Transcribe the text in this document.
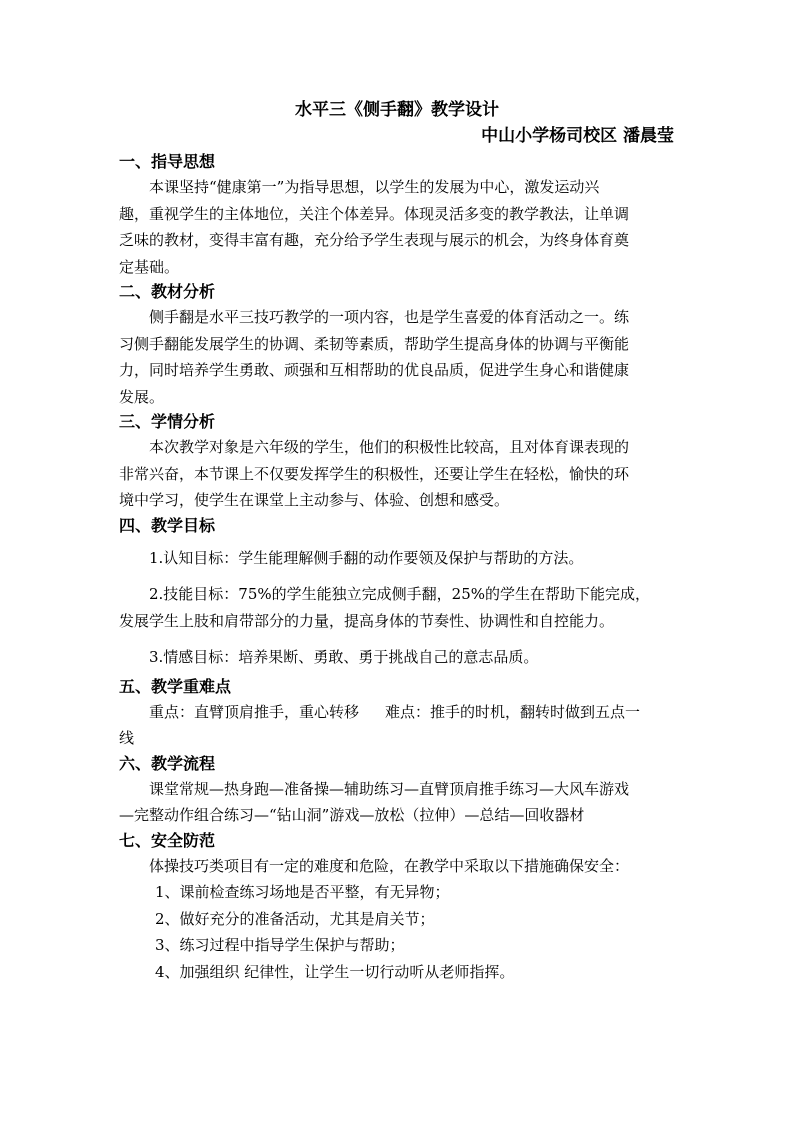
水平三《侧手翻》教学设计
中山小学杨司校区 潘晨莹
一、指导思想

本课坚持“健康第一”为指导思想，以学生的发展为中心，激发运动兴

趣，重视学生的主体地位，关注个体差异。体现灵活多变的教学教法，让单调

乏味的教材，变得丰富有趣，充分给予学生表现与展示的机会，为终身体育奠

定基础。

二、教材分析

侧手翻是水平三技巧教学的一项内容，也是学生喜爱的体育活动之一。练

习侧手翻能发展学生的协调、柔韧等素质，帮助学生提高身体的协调与平衡能

力，同时培养学生勇敢、顽强和互相帮助的优良品质，促进学生身心和谐健康

发展。

三、学情分析

本次教学对象是六年级的学生，他们的积极性比较高，且对体育课表现的

非常兴奋，本节课上不仅要发挥学生的积极性，还要让学生在轻松，愉快的环

境中学习，使学生在课堂上主动参与、体验、创想和感受。

四、教学目标

1.认知目标：学生能理解侧手翻的动作要领及保护与帮助的方法。

2.技能目标：75%的学生能独立完成侧手翻，25%的学生在帮助下能完成，

发展学生上肢和肩带部分的力量，提高身体的节奏性、协调性和自控能力。

3.情感目标：培养果断、勇敢、勇于挑战自己的意志品质。

五、教学重难点

重点：直臂顶肩推手，重心转移 难点：推手的时机，翻转时做到五点一

线

六、教学流程

课堂常规—热身跑—准备操—辅助练习—直臂顶肩推手练习—大风车游戏

—完整动作组合练习—“钻山洞”游戏—放松（拉伸）—总结—回收器材

七、安全防范

体操技巧类项目有一定的难度和危险，在教学中采取以下措施确保安全：

1、课前检查练习场地是否平整，有无异物；
2、做好充分的准备活动，尤其是肩关节；
3、练习过程中指导学生保护与帮助；
4、加强组织 纪律性，让学生一切行动听从老师指挥。
